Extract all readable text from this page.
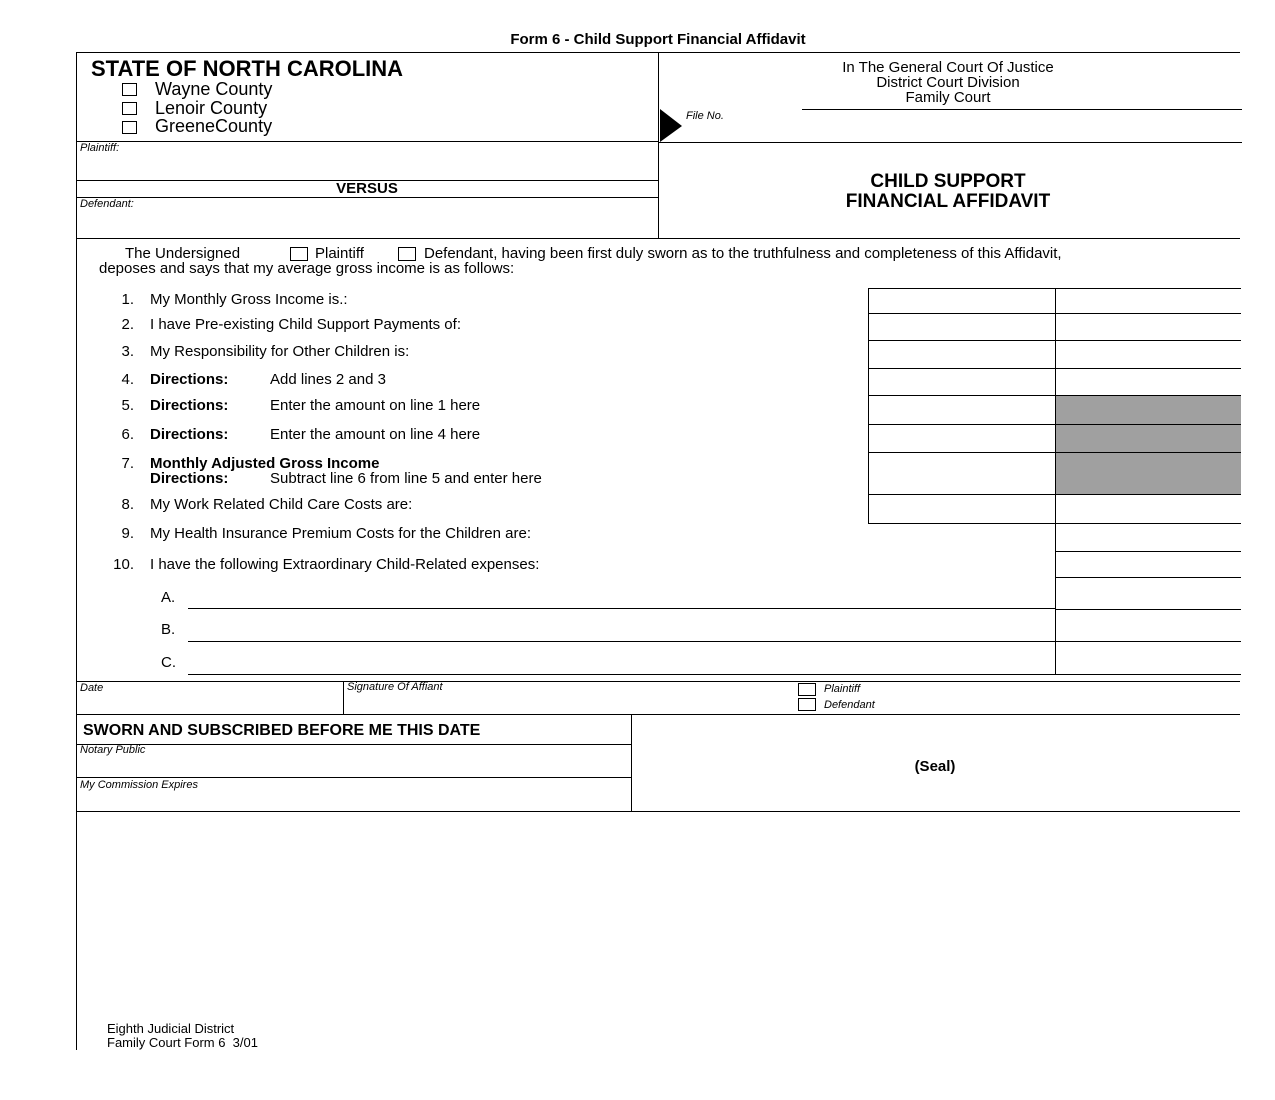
Form 6 - Child Support Financial Affidavit
STATE OF NORTH CAROLINA
Wayne County
Lenoir County
GreeneCounty
Plaintiff:
VERSUS
Defendant:
In The General Court Of Justice
District Court Division
Family Court
File No.
CHILD SUPPORT
FINANCIAL AFFIDAVIT
The Undersigned	Plaintiff	Defendant, having been first duly sworn as to the truthfulness and completeness of this Affidavit,
deposes and says that my average gross income is as follows:
1. My Monthly Gross Income is.:
2. I have Pre-existing Child Support Payments of:
3. My Responsibility for Other Children is:
4. Directions:	Add lines 2 and 3
5. Directions:	Enter the amount on line 1 here
6. Directions:	Enter the amount on line 4 here
7. Monthly Adjusted Gross Income
Directions:	Subtract line 6 from line 5 and enter here
8. My Work Related Child Care Costs are:
9. My Health Insurance Premium Costs for the Children are:
10. I have the following Extraordinary Child-Related expenses:
A.
B.
C.
Date	Signature Of Affiant	Plaintiff
Defendant
SWORN AND SUBSCRIBED BEFORE ME THIS DATE
Notary Public
My Commission Expires
(Seal)
Eighth Judicial District
Family Court Form 6  3/01
